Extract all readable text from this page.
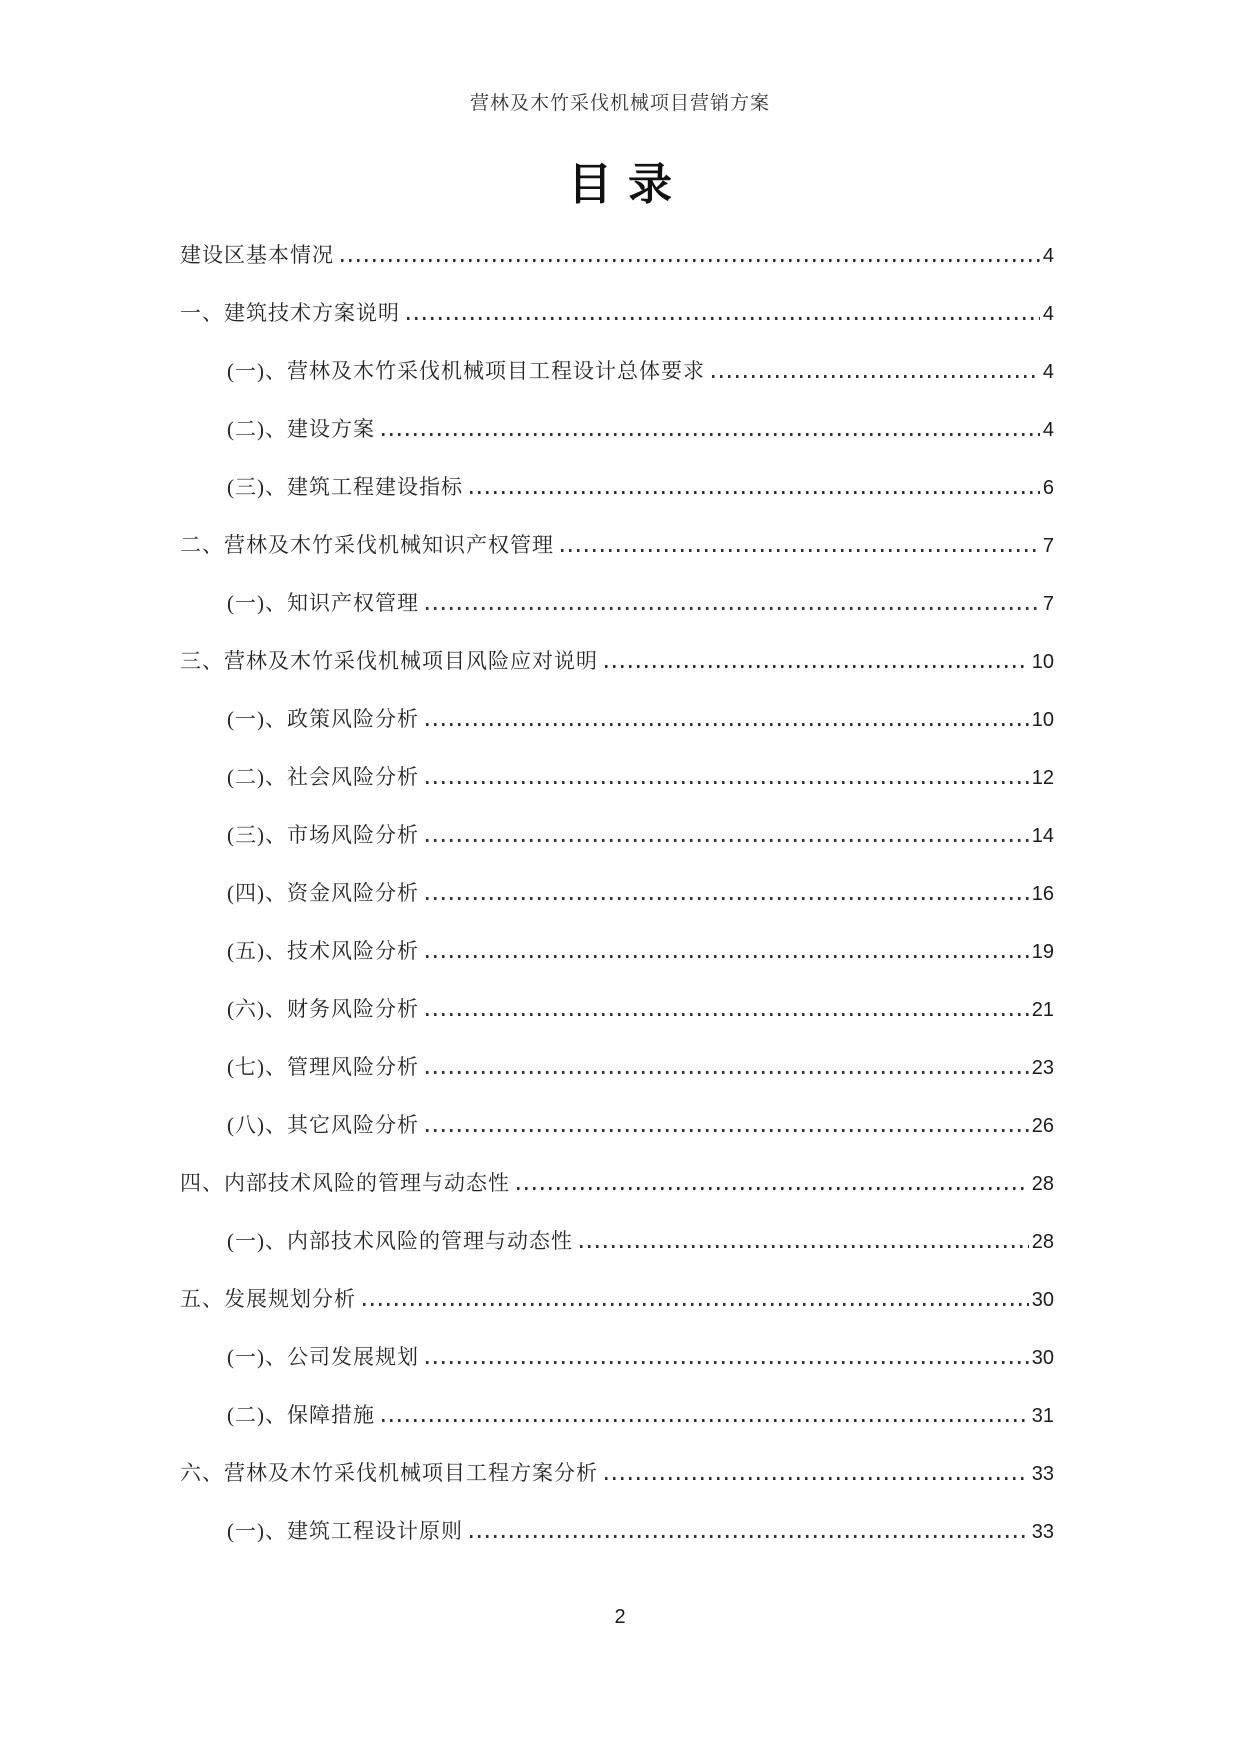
营林及木竹采伐机械项目营销方案
目录
建设区基本情况	4
一、建筑技术方案说明	4
(一)、营林及木竹采伐机械项目工程设计总体要求	4
(二)、建设方案	4
(三)、建筑工程建设指标	6
二、营林及木竹采伐机械知识产权管理	7
(一)、知识产权管理	7
三、营林及木竹采伐机械项目风险应对说明	10
(一)、政策风险分析	10
(二)、社会风险分析	12
(三)、市场风险分析	14
(四)、资金风险分析	16
(五)、技术风险分析	19
(六)、财务风险分析	21
(七)、管理风险分析	23
(八)、其它风险分析	26
四、内部技术风险的管理与动态性	28
(一)、内部技术风险的管理与动态性	28
五、发展规划分析	30
(一)、公司发展规划	30
(二)、保障措施	31
六、营林及木竹采伐机械项目工程方案分析	33
(一)、建筑工程设计原则	33
2
